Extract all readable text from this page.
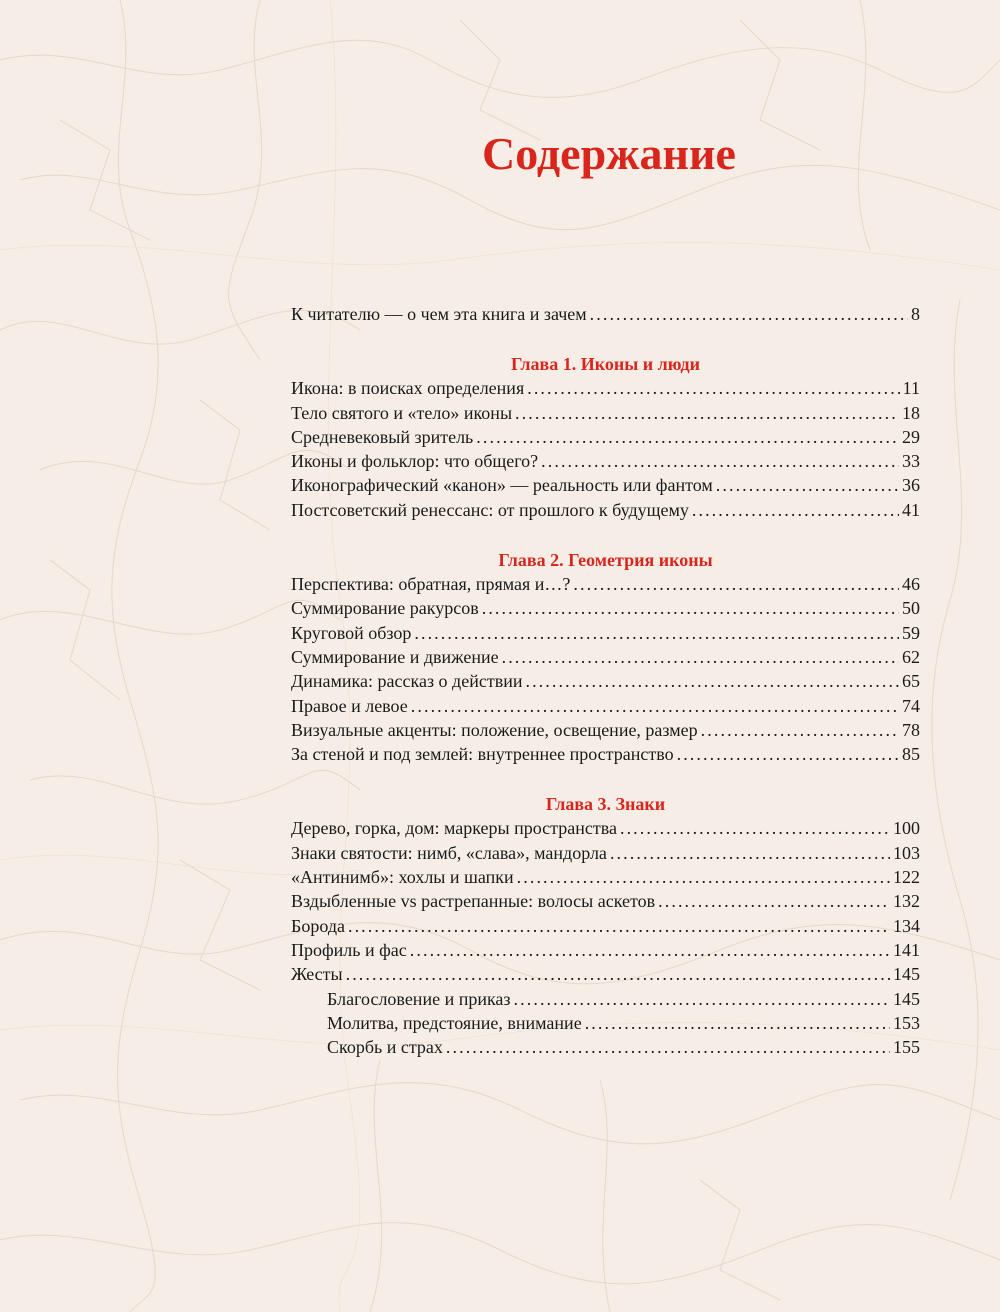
Содержание
К читателю — о чем эта книга и зачем . . .	8
Глава 1. Иконы и люди
Икона: в поисках определения . . .	11
Тело святого и «тело» иконы . . .	18
Средневековый зритель . . .	29
Иконы и фольклор: что общего? . . .	33
Иконографический «канон» — реальность или фантом . . .	36
Постсоветский ренессанс: от прошлого к будущему . . .	41
Глава 2. Геометрия иконы
Перспектива: обратная, прямая и…? . . .	46
Суммирование ракурсов . . .	50
Круговой обзор . . .	59
Суммирование и движение . . .	62
Динамика: рассказ о действии . . .	65
Правое и левое . . .	74
Визуальные акценты: положение, освещение, размер . . .	78
За стеной и под землей: внутреннее пространство . . .	85
Глава 3. Знаки
Дерево, горка, дом: маркеры пространства . . .	100
Знаки святости: нимб, «слава», мандорла . . .	103
«Антинимб»: хохлы и шапки . . .	122
Вздыбленные vs растрепанные: волосы аскетов . . .	132
Борода . . .	134
Профиль и фас . . .	141
Жесты . . .	145
Благословение и приказ . . .	145
Молитва, предстояние, внимание . . .	153
Скорбь и страх . . .	155
